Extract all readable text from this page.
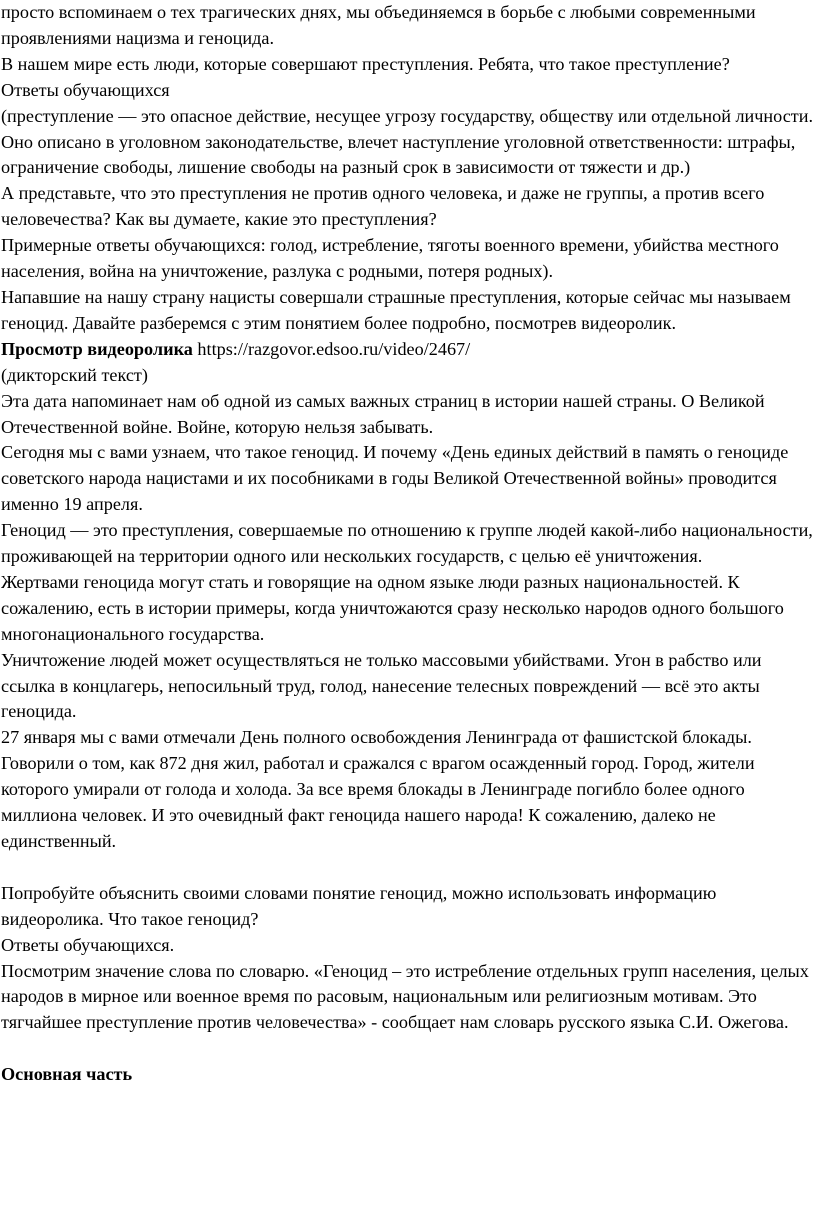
просто вспоминаем о тех трагических днях, мы объединяемся в борьбе с любыми современными проявлениями нацизма и геноцида.

В нашем мире есть люди, которые совершают преступления. Ребята, что такое преступление?

Ответы обучающихся

(преступление — это опасное действие, несущее угрозу государству, обществу или отдельной личности. Оно описано в уголовном законодательстве, влечет наступление уголовной ответственности: штрафы, ограничение свободы, лишение свободы на разный срок в зависимости от тяжести и др.)

А представьте, что это преступления не против одного человека, и даже не группы, а против всего человечества? Как вы думаете, какие это преступления?

Примерные ответы обучающихся: голод, истребление, тяготы военного времени, убийства местного населения, война на уничтожение, разлука с родными, потеря родных).

Напавшие на нашу страну нацисты совершали страшные преступления, которые сейчас мы называем геноцид. Давайте разберемся с этим понятием более подробно, посмотрев видеоролик.

Просмотр видеоролика https://razgovor.edsoo.ru/video/2467/

(дикторский текст)

Эта дата напоминает нам об одной из самых важных страниц в истории нашей страны. О Великой Отечественной войне. Войне, которую нельзя забывать.

Сегодня мы с вами узнаем, что такое геноцид. И почему «День единых действий в память о геноциде советского народа нацистами и их пособниками в годы Великой Отечественной войны» проводится именно 19 апреля.

Геноцид — это преступления, совершаемые по отношению к группе людей какой-либо национальности, проживающей на территории одного или нескольких государств, с целью её уничтожения.

Жертвами геноцида могут стать и говорящие на одном языке люди разных национальностей. К сожалению, есть в истории примеры, когда уничтожаются сразу несколько народов одного большого многонационального государства.

Уничтожение людей может осуществляться не только массовыми убийствами. Угон в рабство или ссылка в концлагерь, непосильный труд, голод, нанесение телесных повреждений — всё это акты геноцида.

27 января мы с вами отмечали День полного освобождения Ленинграда от фашистской блокады. Говорили о том, как 872 дня жил, работал и сражался с врагом осажденный город. Город, жители которого умирали от голода и холода. За все время блокады в Ленинграде погибло более одного миллиона человек. И это очевидный факт геноцида нашего народа! К сожалению, далеко не единственный.

Попробуйте объяснить своими словами понятие геноцид, можно использовать информацию видеоролика. Что такое геноцид?

Ответы обучающихся.

Посмотрим значение слова по словарю. «Геноцид – это истребление отдельных групп населения, целых народов в мирное или военное время по расовым, национальным или религиозным мотивам. Это тягчайшее преступление против человечества» - сообщает нам словарь русского языка С.И. Ожегова.

Основная часть
